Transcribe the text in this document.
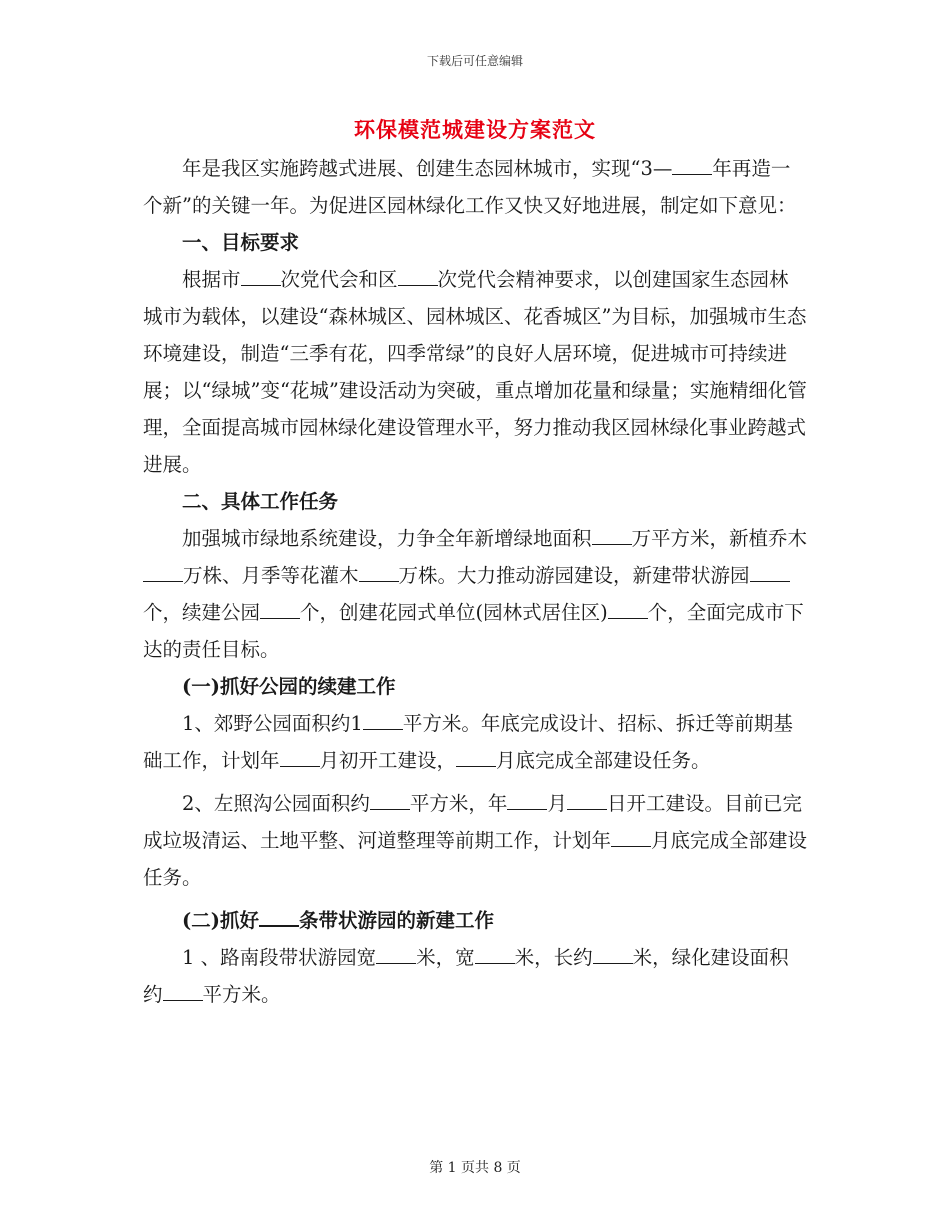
下载后可任意编辑
环保模范城建设方案范文

年是我区实施跨越式进展、创建生态园林城市，实现“3— 年再造一个新”的关键一年。为促进区园林绿化工作又快又好地进展，制定如下意见：

一、目标要求

根据市 次党代会和区 次党代会精神要求，以创建国家生态园林城市为载体，以建设“森林城区、园林城区、花香城区”为目标，加强城市生态环境建设，制造“三季有花，四季常绿”的良好人居环境，促进城市可持续进展；以“绿城”变“花城”建设活动为突破，重点增加花量和绿量；实施精细化管理，全面提高城市园林绿化建设管理水平，努力推动我区园林绿化事业跨越式进展。

二、具体工作任务

加强城市绿地系统建设，力争全年新增绿地面积 万平方米，新植乔木万株、月季等花灌木 万株。大力推动游园建设，新建带状游园个，续建公园 个，创建花园式单位(园林式居住区) 个，全面完成市下达的责任目标。

(一)抓好公园的续建工作

1、郊野公园面积约1 平方米。年底完成设计、招标、拆迁等前期基础工作，计划年 月初开工建设， 月底完成全部建设任务。

2、左照沟公园面积约 平方米，年 月 日开工建设。目前已完成垃圾清运、土地平整、河道整理等前期工作，计划年 月底完成全部建设任务。

(二)抓好 条带状游园的新建工作

1 、路南段带状游园宽 米，宽 米，长约 米，绿化建设面积约 平方米。

第 1 页共 8 页
